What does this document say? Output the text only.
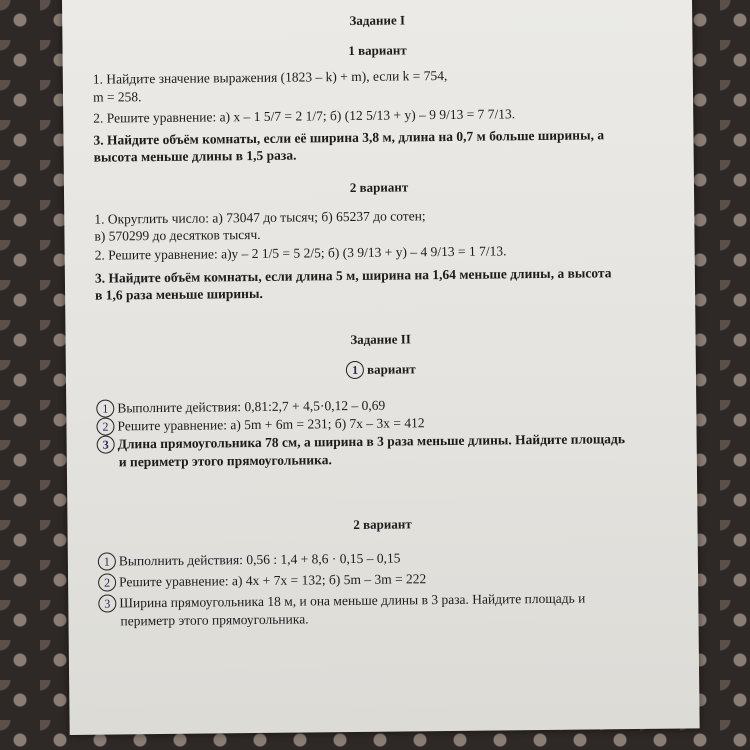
Задание I
1 вариант
1. Найдите значение выражения (1823 – k) + m), если k = 754,
m = 258.
2. Решите уравнение: а) x – 1 5/7 = 2 1/7; б) (12 5/13 + y) – 9 9/13 = 7 7/13.
3. Найдите объём комнаты, если её ширина 3,8 м, длина на 0,7 м больше ширины, а
высота меньше длины в 1,5 раза.
2 вариант
1. Округлить число: а) 73047 до тысяч; б) 65237 до сотен;
в) 570299 до десятков тысяч.
2. Решите уравнение: а)y – 2 1/5 = 5 2/5; б) (3 9/13 + y) – 4 9/13 = 1 7/13.
3. Найдите объём комнаты, если длина 5 м, ширина на 1,64 меньше длины, а высота
в 1,6 раза меньше ширины.
Задание II
1 вариант
1 Выполните действия: 0,81:2,7 + 4,5·0,12 – 0,69
2 Решите уравнение: а) 5m + 6m = 231; б) 7x – 3x = 412
3 Длина прямоугольника 78 см, а ширина в 3 раза меньше длины. Найдите площадь
и периметр этого прямоугольника.
2 вариант
1 Выполнить действия: 0,56 : 1,4 + 8,6 · 0,15 – 0,15
2 Решите уравнение: а) 4x + 7x = 132; б) 5m – 3m = 222
3 Ширина прямоугольника 18 м, и она меньше длины в 3 раза. Найдите площадь и
периметр этого прямоугольника.
